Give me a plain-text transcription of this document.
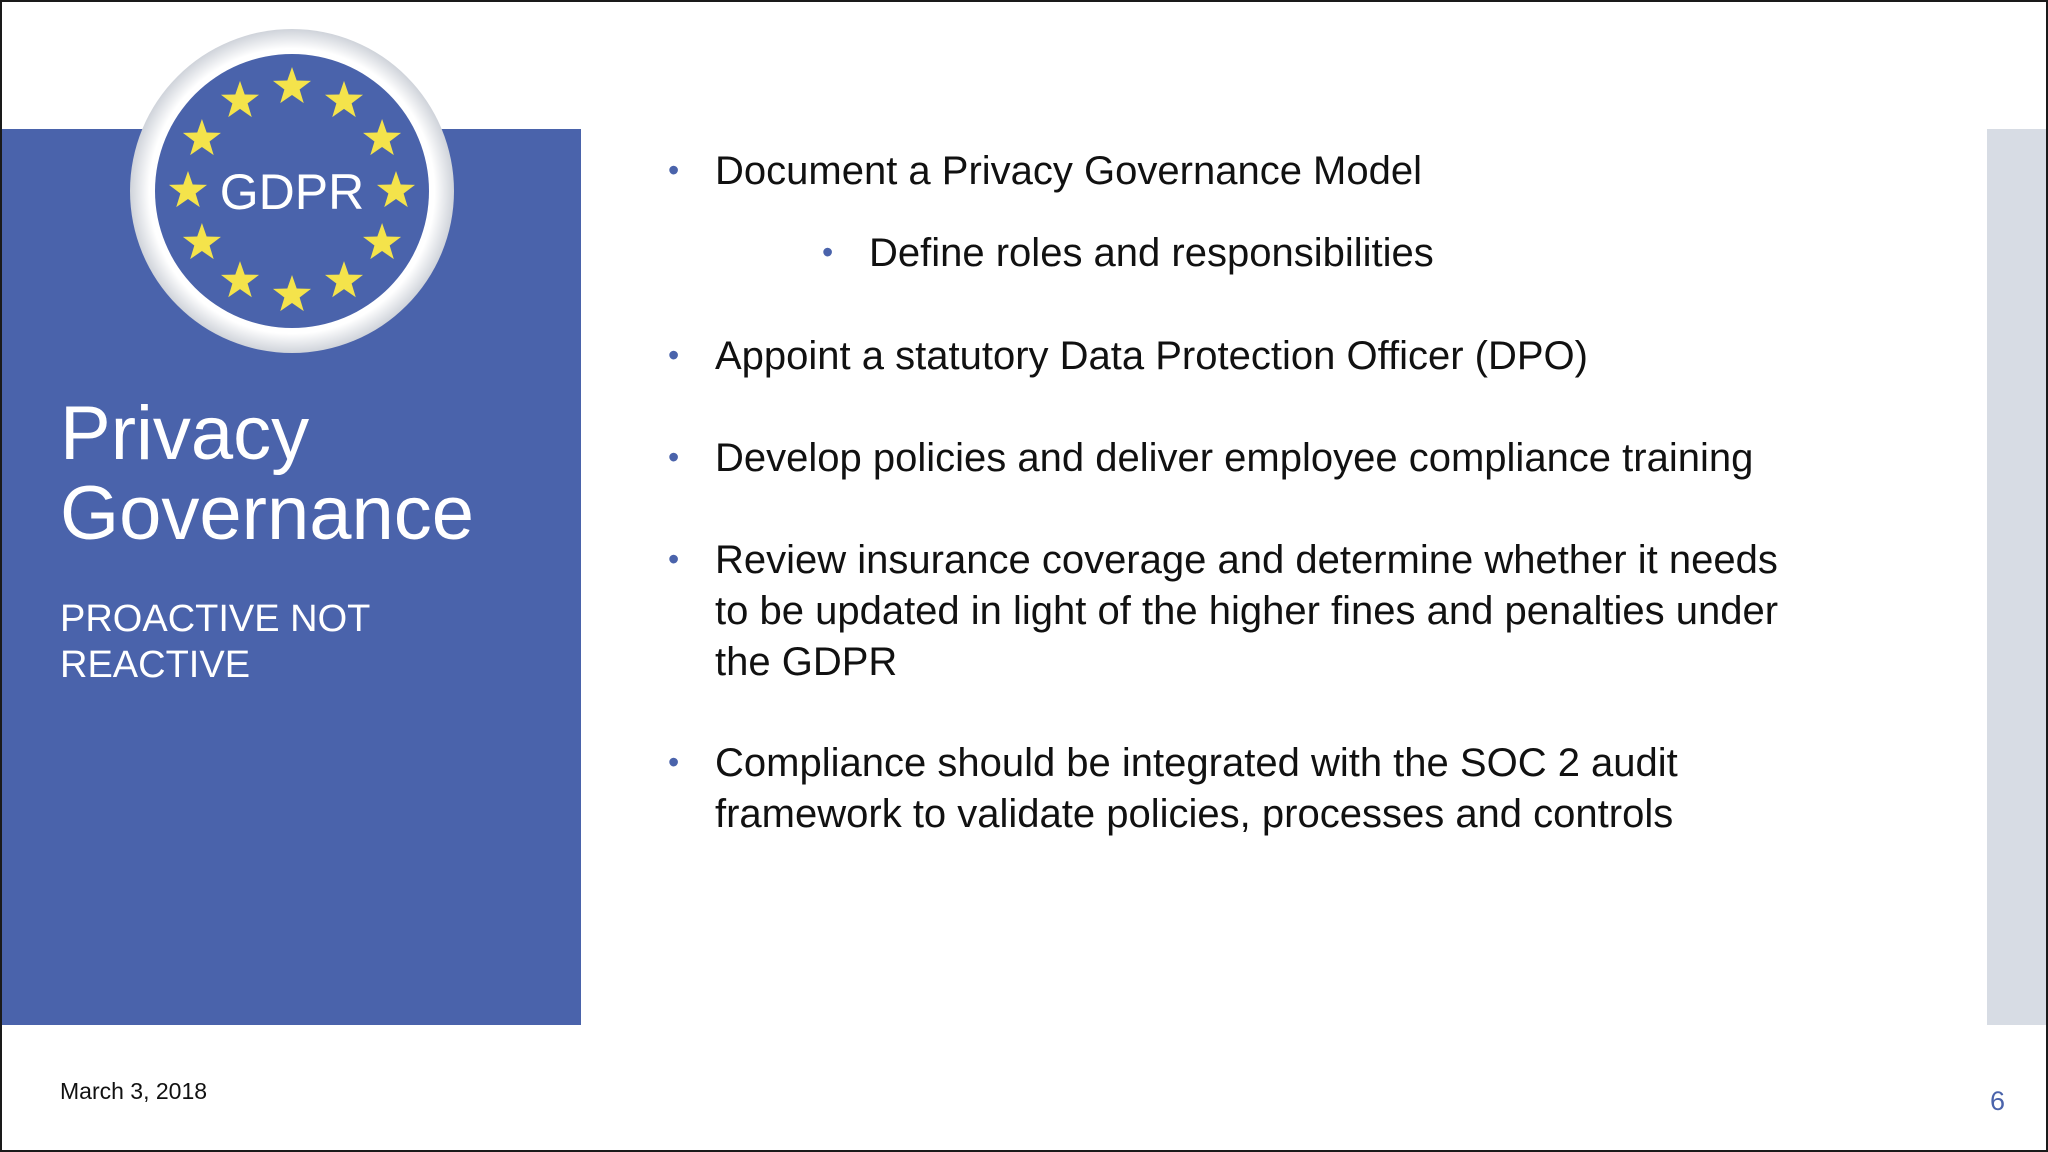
GDPR
Privacy
Governance

PROACTIVE NOT
REACTIVE

• Document a Privacy Governance Model
• Define roles and responsibilities
• Appoint a statutory Data Protection Officer (DPO)
• Develop policies and deliver employee compliance training
• Review insurance coverage and determine whether it needs
to be updated in light of the higher fines and penalties under
the GDPR
• Compliance should be integrated with the SOC 2 audit
framework to validate policies, processes and controls
March 3, 2018	6
